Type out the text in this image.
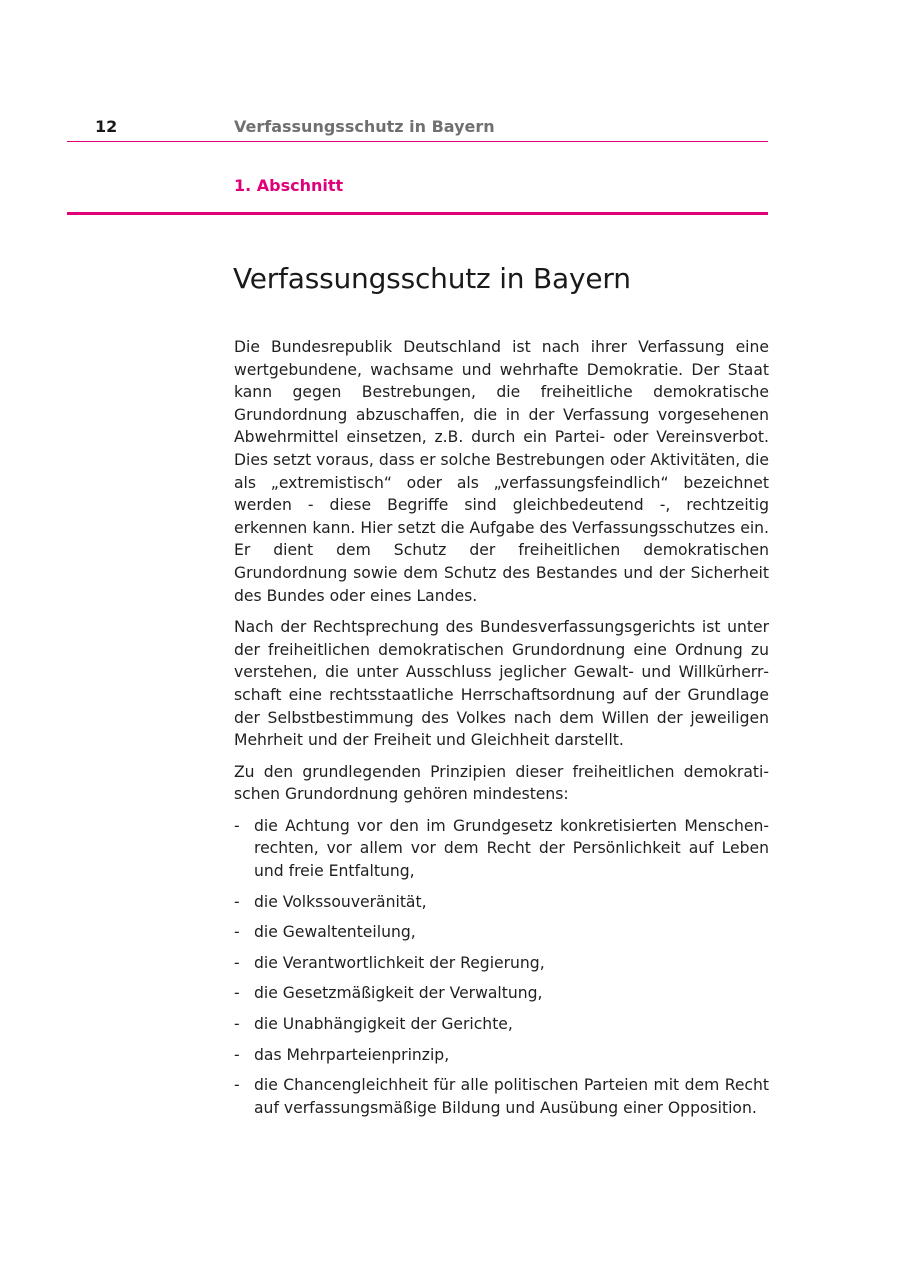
12	Verfassungsschutz in Bayern
1. Abschnitt
Verfassungsschutz in Bayern

Die Bundesrepublik Deutschland ist nach ihrer Verfassung eine wertgebundene, wachsame und wehrhafte Demokratie. Der Staat kann gegen Bestrebungen, die freiheitliche demokratische Grundordnung abzuschaffen, die in der Verfassung vorgesehenen Abwehrmittel einsetzen, z.B. durch ein Partei- oder Vereinsverbot. Dies setzt voraus, dass er solche Bestrebungen oder Aktivitäten, die als „extremistisch“ oder als „verfassungsfeindlich“ bezeichnet werden - diese Begriffe sind gleichbedeutend -, rechtzeitig erkennen kann. Hier setzt die Aufgabe des Verfassungsschutzes ein. Er dient dem Schutz der freiheitlichen demokratischen Grundordnung sowie dem Schutz des Bestandes und der Sicherheit des Bundes oder eines Landes.

Nach der Rechtsprechung des Bundesverfassungsgerichts ist unter der freiheitlichen demokratischen Grundordnung eine Ordnung zu verstehen, die unter Ausschluss jeglicher Gewalt- und Willkürherrschaft eine rechtsstaatliche Herrschaftsordnung auf der Grundlage der Selbstbestimmung des Volkes nach dem Willen der jeweiligen Mehrheit und der Freiheit und Gleichheit darstellt.

Zu den grundlegenden Prinzipien dieser freiheitlichen demokratischen Grundordnung gehören mindestens:

- die Achtung vor den im Grundgesetz konkretisierten Menschenrechten, vor allem vor dem Recht der Persönlichkeit auf Leben und freie Entfaltung,
- die Volkssouveränität,
- die Gewaltenteilung,
- die Verantwortlichkeit der Regierung,
- die Gesetzmäßigkeit der Verwaltung,
- die Unabhängigkeit der Gerichte,
- das Mehrparteienprinzip,
- die Chancengleichheit für alle politischen Parteien mit dem Recht auf verfassungsmäßige Bildung und Ausübung einer Opposition.
